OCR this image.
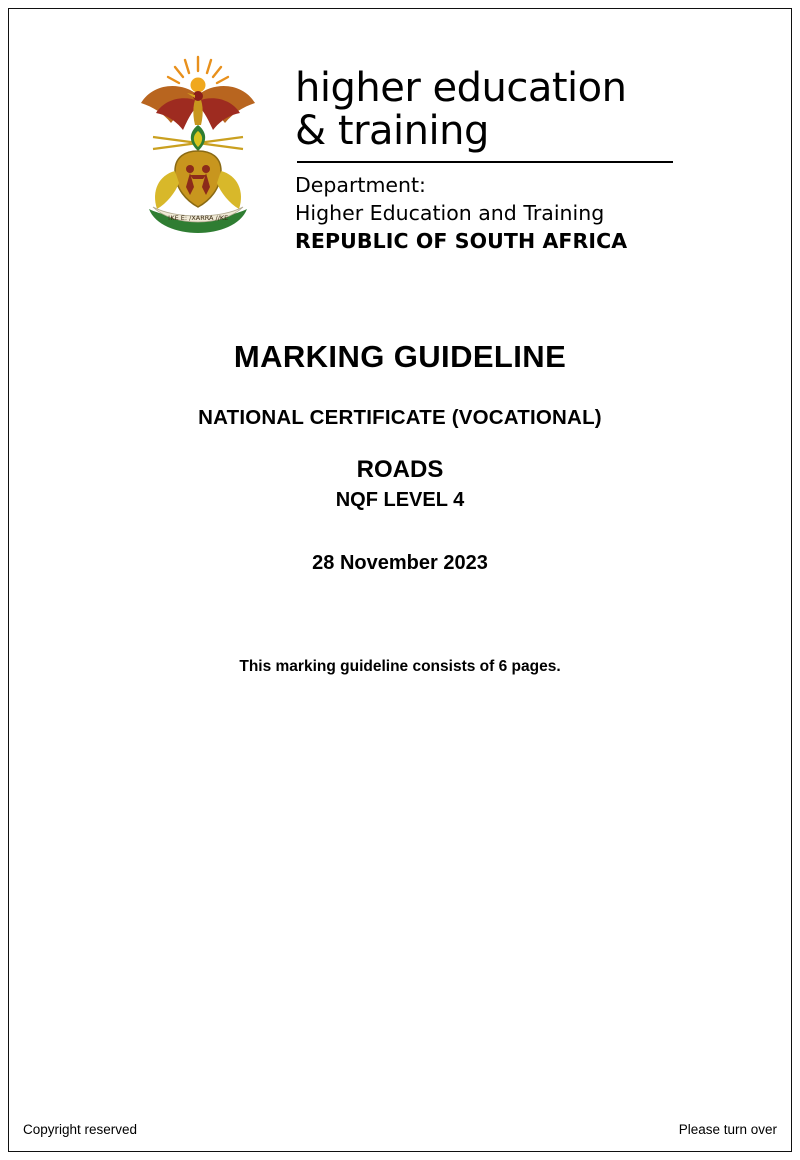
!KE E: /XARRA //KE
higher education
& training
Department:
Higher Education and Training
REPUBLIC OF SOUTH AFRICA
MARKING GUIDELINE
NATIONAL CERTIFICATE (VOCATIONAL)
ROADS
NQF LEVEL 4
28 November 2023
This marking guideline consists of 6 pages.
Copyright reserved	Please turn over
